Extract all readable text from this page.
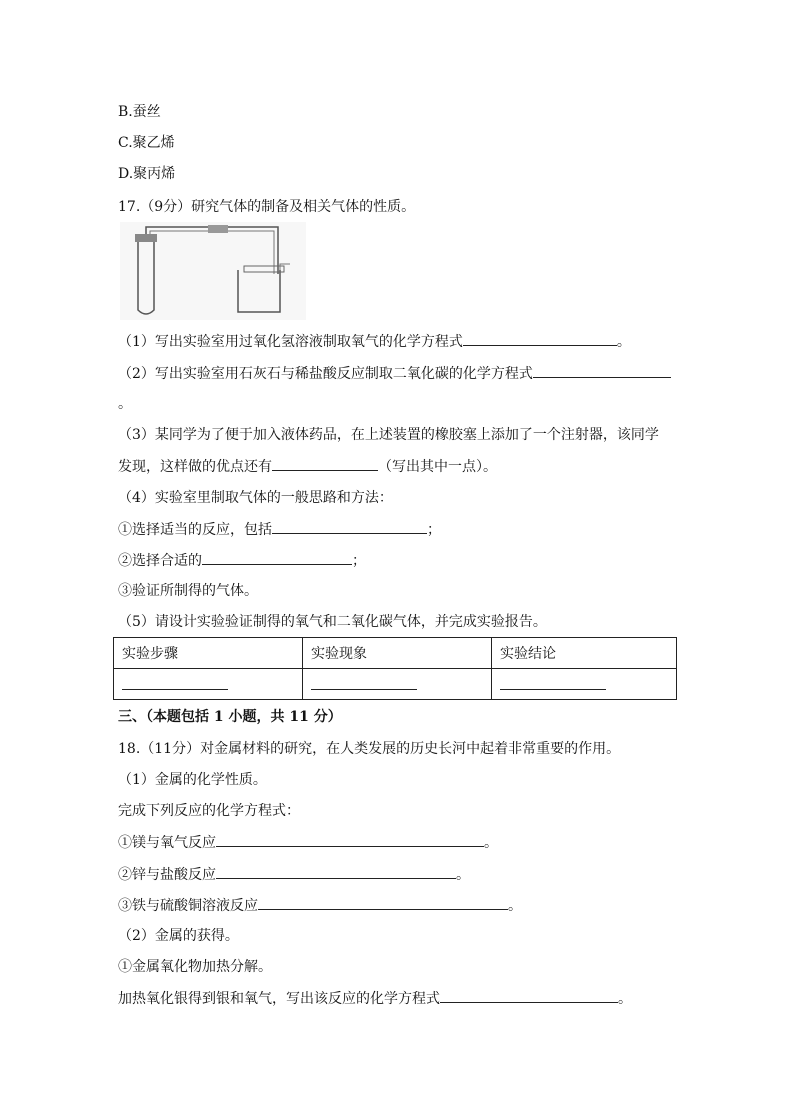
B.蚕丝
C.聚乙烯
D.聚丙烯
17.（9分）研究气体的制备及相关气体的性质。
（1）写出实验室用过氧化氢溶液制取氧气的化学方程式	。
（2）写出实验室用石灰石与稀盐酸反应制取二氧化碳的化学方程式
。
（3）某同学为了便于加入液体药品，在上述装置的橡胶塞上添加了一个注射器，该同学
发现，这样做的优点还有	（写出其中一点）。
（4）实验室里制取气体的一般思路和方法：
①选择适当的反应，包括	；
②选择合适的	；
③验证所制得的气体。
（5）请设计实验验证制得的氧气和二氧化碳气体，并完成实验报告。
实验步骤	实验现象	实验结论

三、（本题包括 1 小题，共 11 分）
18.（11分）对金属材料的研究，在人类发展的历史长河中起着非常重要的作用。
（1）金属的化学性质。
完成下列反应的化学方程式：
①镁与氧气反应	。
②锌与盐酸反应	。
③铁与硫酸铜溶液反应	。
（2）金属的获得。
①金属氧化物加热分解。
加热氧化银得到银和氧气，写出该反应的化学方程式	。
